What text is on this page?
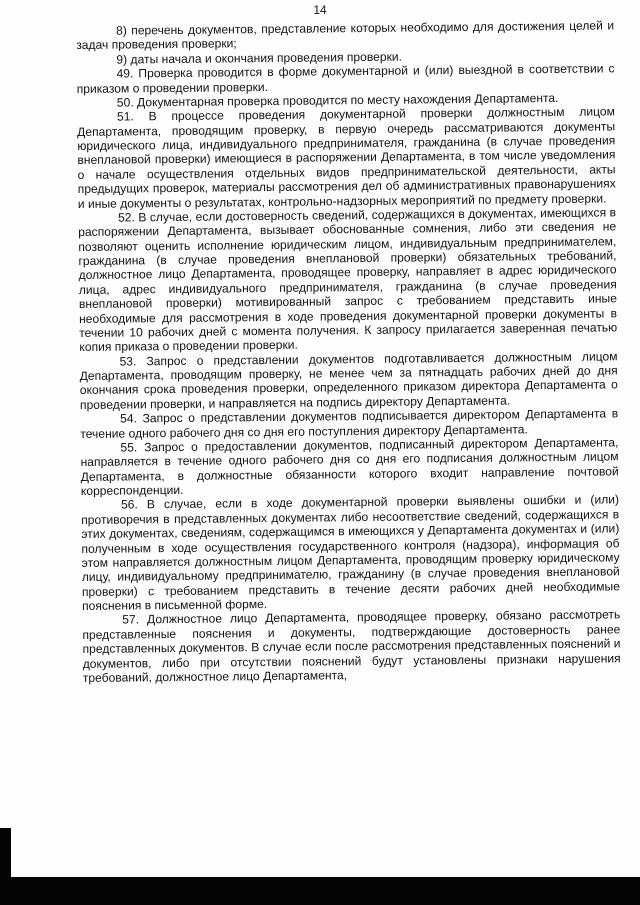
14

8) перечень документов, представление которых необходимо для достижения целей и задач проведения проверки;

9) даты начала и окончания проведения проверки.

49. Проверка проводится в форме документарной и (или) выездной в соответствии с приказом о проведении проверки.

50. Документарная проверка проводится по месту нахождения Департамента.

51. В процессе проведения документарной проверки должностным лицом Департамента, проводящим проверку, в первую очередь рассматриваются документы юридического лица, индивидуального предпринимателя, гражданина (в случае проведения внеплановой проверки) имеющиеся в распоряжении Департамента, в том числе уведомления о начале осуществления отдельных видов предпринимательской деятельности, акты предыдущих проверок, материалы рассмотрения дел об административных правонарушениях и иные документы о результатах, контрольно-надзорных мероприятий по предмету проверки.

52. В случае, если достоверность сведений, содержащихся в документах, имеющихся в распоряжении Департамента, вызывает обоснованные сомнения, либо эти сведения не позволяют оценить исполнение юридическим лицом, индивидуальным предпринимателем, гражданина (в случае проведения внеплановой проверки) обязательных требований, должностное лицо Департамента, проводящее проверку, направляет в адрес юридического лица, адрес индивидуального предпринимателя, гражданина (в случае проведения внеплановой проверки) мотивированный запрос с требованием представить иные необходимые для рассмотрения в ходе проведения документарной проверки документы в течении 10 рабочих дней с момента получения. К запросу прилагается заверенная печатью копия приказа о проведении проверки.

53. Запрос о представлении документов подготавливается должностным лицом Департамента, проводящим проверку, не менее чем за пятнадцать рабочих дней до дня окончания срока проведения проверки, определенного приказом директора Департамента о проведении проверки, и направляется на подпись директору Департамента.

54. Запрос о представлении документов подписывается директором Департамента в течение одного рабочего дня со дня его поступления директору Департамента.

55. Запрос о предоставлении документов, подписанный директором Департамента, направляется в течение одного рабочего дня со дня его подписания должностным лицом Департамента, в должностные обязанности которого входит направление почтовой корреспонденции.

56. В случае, если в ходе документарной проверки выявлены ошибки и (или) противоречия в представленных документах либо несоответствие сведений, содержащихся в этих документах, сведениям, содержащимся в имеющихся у Департамента документах и (или) полученным в ходе осуществления государственного контроля (надзора), информация об этом направляется должностным лицом Департамента, проводящим проверку юридическому лицу, индивидуальному предпринимателю, гражданину (в случае проведения внеплановой проверки) с требованием представить в течение десяти рабочих дней необходимые пояснения в письменной форме.

57. Должностное лицо Департамента, проводящее проверку, обязано рассмотреть представленные пояснения и документы, подтверждающие достоверность ранее представленных документов. В случае если после рассмотрения представленных пояснений и документов, либо при отсутствии пояснений будут установлены признаки нарушения требований, должностное лицо Департамента,
